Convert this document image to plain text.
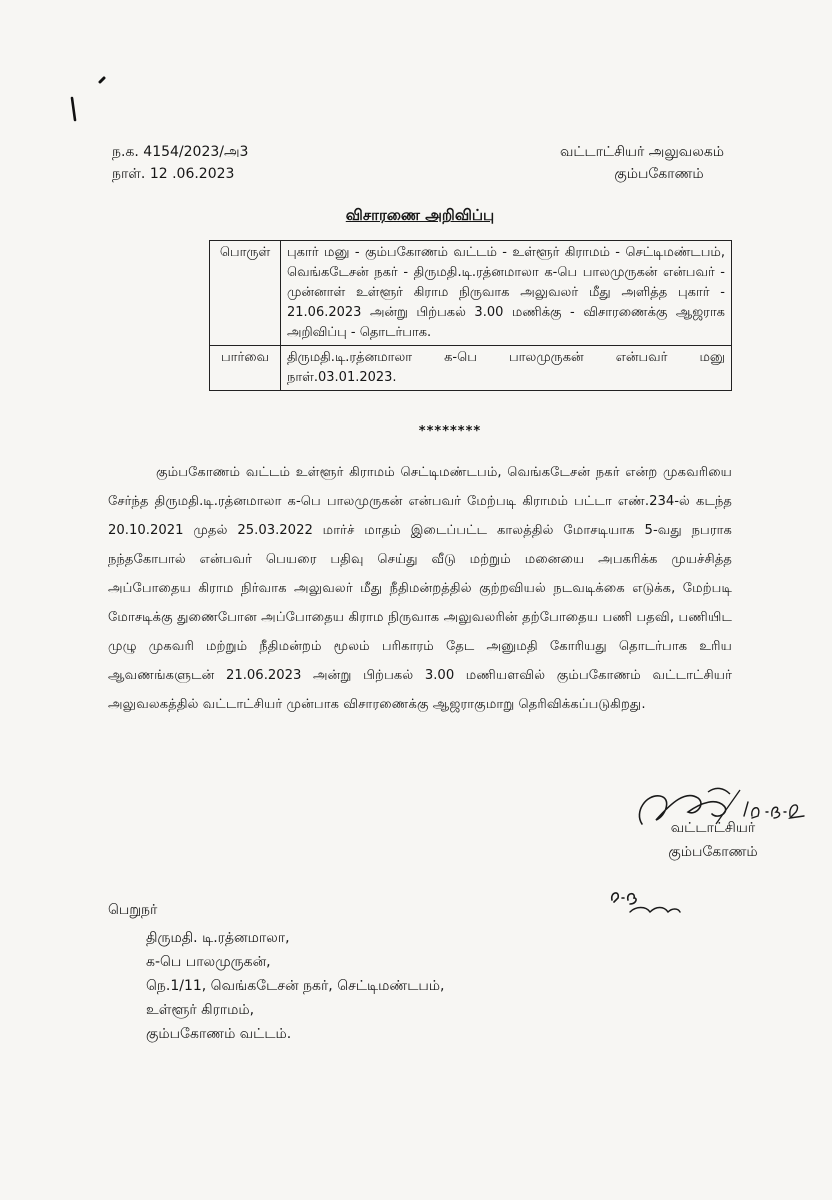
ந.க. 4154/2023/அ3
நாள். 12 .06.2023
வட்டாட்சியர் அலுவலகம்
கும்பகோணம்
விசாரணை அறிவிப்பு
பொருள்	புகார் மனு - கும்பகோணம் வட்டம் - உள்ளூர் கிராமம் - செட்டிமண்டபம், வெங்கடேசன் நகர் - திருமதி.டி.ரத்னமாலா க-பெ பாலமுருகன் என்பவர் - முன்னாள் உள்ளூர் கிராம நிருவாக அலுவலர் மீது அளித்த புகார் - 21.06.2023 அன்று பிற்பகல் 3.00 மணிக்கு - விசாரணைக்கு ஆஜராக அறிவிப்பு - தொடர்பாக.
பார்வை	திருமதி.டி.ரத்னமாலா க-பெ பாலமுருகன் என்பவர் மனு நாள்.03.01.2023.
********
கும்பகோணம் வட்டம் உள்ளூர் கிராமம் செட்டிமண்டபம், வெங்கடேசன் நகர் என்ற முகவரியை சேர்ந்த திருமதி.டி.ரத்னமாலா க-பெ பாலமுருகன் என்பவர் மேற்படி கிராமம் பட்டா எண்.234-ல் கடந்த 20.10.2021 முதல் 25.03.2022 மார்ச் மாதம் இடைப்பட்ட காலத்தில் மோசடியாக 5-வது நபராக நந்தகோபால் என்பவர் பெயரை பதிவு செய்து வீடு மற்றும் மனையை அபகரிக்க முயச்சித்த அப்போதைய கிராம நிர்வாக அலுவலர் மீது நீதிமன்றத்தில் குற்றவியல் நடவடிக்கை எடுக்க, மேற்படி மோசடிக்கு துணைபோன அப்போதைய கிராம நிருவாக அலுவலரின் தற்போதைய பணி பதவி, பணியிட முழு முகவரி மற்றும் நீதிமன்றம் மூலம் பரிகாரம் தேட அனுமதி கோரியது தொடர்பாக உரிய ஆவணங்களுடன் 21.06.2023 அன்று பிற்பகல் 3.00 மணியளவில் கும்பகோணம் வட்டாட்சியர் அலுவலகத்தில் வட்டாட்சியர் முன்பாக விசாரணைக்கு ஆஜராகுமாறு தெரிவிக்கப்படுகிறது.
வட்டாட்சியர்
கும்பகோணம்
பெறுநர்
திருமதி. டி.ரத்னமாலா,
க-பெ பாலமுருகன்,
நெ.1/11, வெங்கடேசன் நகர், செட்டிமண்டபம்,
உள்ளூர் கிராமம்,
கும்பகோணம் வட்டம்.
